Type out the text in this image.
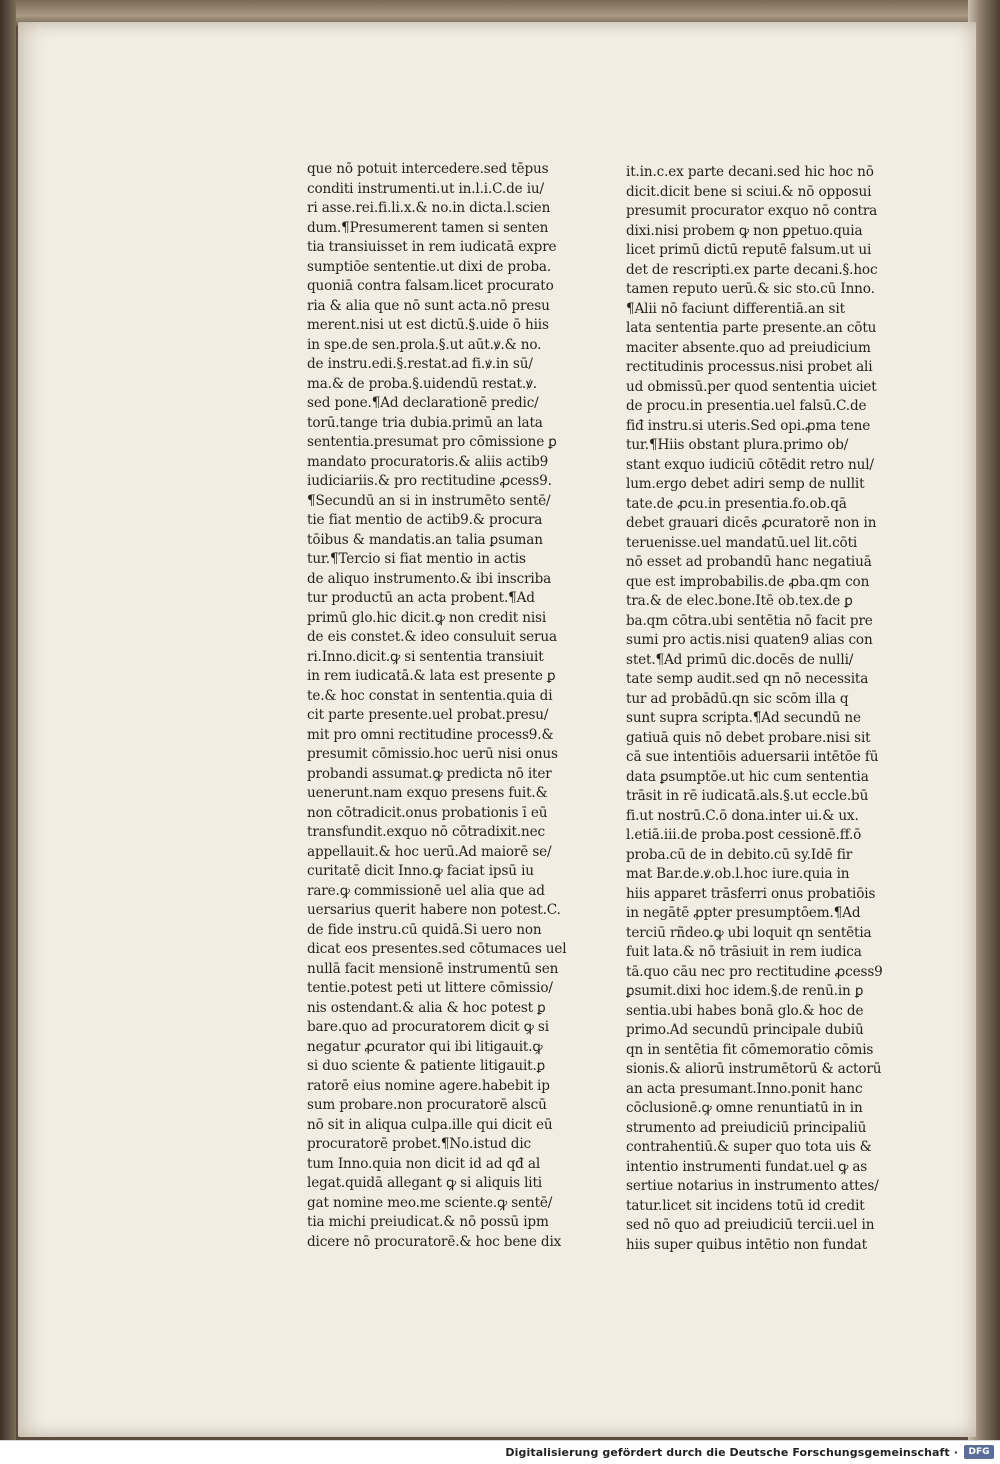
que nō potuit intercedere.sed tēpus
conditi instrumenti.ut in.l.i.C.de iu/
ri asse.rei.fi.li.x.& no.in dicta.l.scien
dum.¶Presumerent tamen si senten
tia transiuisset in rem iudicatā expre
sumptiōe sententie.ut dixi de proba.
quoniā contra falsam.licet procurato
ria & alia que nō sunt acta.nō presu
merent.nisi ut est dictū.§.uide ō hiis
in spe.de sen.prola.§.ut aūt.ꝟ.& no.
de instru.edi.§.restat.ad fi.ꝟ.in sū/
ma.& de proba.§.uidendū restat.ꝟ.
sed pone.¶Ad declarationē predic/
torū.tange tria dubia.primū an lata
sententia.presumat pro cōmissione ꝑ
mandato procuratoris.& aliis actib9
iudiciariis.& pro rectitudine ꝓcess9.
¶Secundū an si in instrumēto sentē/
tie fiat mentio de actib9.& procura
tōibus & mandatis.an talia ꝑsuman
tur.¶Tercio si fiat mentio in actis
de aliquo instrumento.& ibi inscriba
tur productū an acta probent.¶Ad
primū glo.hic dicit.ꝙ non credit nisi
de eis constet.& ideo consuluit serua
ri.Inno.dicit.ꝙ si sententia transiuit
in rem iudicatā.& lata est presente ꝑ
te.& hoc constat in sententia.quia di
cit parte presente.uel probat.presu/
mit pro omni rectitudine process9.&
presumit cōmissio.hoc uerū nisi onus
probandi assumat.ꝙ predicta nō iter
uenerunt.nam exquo presens fuit.&
non cōtradicit.onus probationis ī eū
transfundit.exquo nō cōtradixit.nec
appellauit.& hoc uerū.Ad maiorē se/
curitatē dicit Inno.ꝙ faciat ipsū iu
rare.ꝙ commissionē uel alia que ad
uersarius querit habere non potest.C.
de fide instru.cū quidā.Si uero non
dicat eos presentes.sed cōtumaces uel
nullā facit mensionē instrumentū sen
tentie.potest peti ut littere cōmissio/
nis ostendant.& alia & hoc potest ꝑ
bare.quo ad procuratorem dicit ꝙ si
negatur ꝓcurator qui ibi litigauit.ꝙ
si duo sciente & patiente litigauit.ꝑ
ratorē eius nomine agere.habebit ip
sum probare.non procuratorē alscū
nō sit in aliqua culpa.ille qui dicit eū
procuratorē probet.¶No.istud dic
tum Inno.quia non dicit id ad qđ al
legat.quidā allegant ꝙ si aliquis liti
gat nomine meo.me sciente.ꝙ sentē/
tia michi preiudicat.& nō possū ipm
dicere nō procuratorē.& hoc bene dix
it.in.c.ex parte decani.sed hic hoc nō
dicit.dicit bene si sciui.& nō opposui
presumit procurator exquo nō contra
dixi.nisi probem ꝙ non ꝑpetuo.quia
licet primū dictū reputē falsum.ut ui
det de rescripti.ex parte decani.§.hoc
tamen reputo uerū.& sic sto.cū Inno.
¶Alii nō faciunt differentiā.an sit
lata sententia parte presente.an cōtu
maciter absente.quo ad preiudicium
rectitudinis processus.nisi probet ali
ud obmissū.per quod sententia uiciet
de procu.in presentia.uel falsū.C.de
fiđ instru.si uteris.Sed opi.ꝓma tene
tur.¶Hiis obstant plura.primo ob/
stant exquo iudiciū cōtēdit retro nul/
lum.ergo debet adiri semp de nullit
tate.de ꝓcu.in presentia.fo.ob.qā
debet grauari dicēs ꝓcuratorē non in
teruenisse.uel mandatū.uel lit.cōti
nō esset ad probandū hanc negatiuā
que est improbabilis.de ꝓba.qm con
tra.& de elec.bone.Itē ob.tex.de ꝑ
ba.qm cōtra.ubi sentētia nō facit pre
sumi pro actis.nisi quaten9 alias con
stet.¶Ad primū dic.docēs de nulli/
tate semp audit.sed qn nō necessita
tur ad probādū.qn sic scōm illa q
sunt supra scripta.¶Ad secundū ne
gatiuā quis nō debet probare.nisi sit
cā sue intentiōis aduersarii intētōe fū
data ꝑsumptōe.ut hic cum sententia
trāsit in rē iudicatā.als.§.ut eccle.bū
fi.ut nostrū.C.ō dona.inter ui.& ux.
l.etiā.iii.de proba.post cessionē.ff.ō
proba.cū de in debito.cū sy.Idē fir
mat Bar.de.ꝟ.ob.l.hoc iure.quia in
hiis apparet trāsferri onus probatiōis
in negātē ꝓpter presumptōem.¶Ad
terciū rñdeo.ꝙ ubi loquit qn sentētia
fuit lata.& nō trāsiuit in rem iudica
tā.quo cāu nec pro rectitudine ꝓcess9
ꝑsumit.dixi hoc idem.§.de renū.in ꝑ
sentia.ubi habes bonā glo.& hoc de
primo.Ad secundū principale dubiū
qn in sentētia fit cōmemoratio cōmis
sionis.& aliorū instrumētorū & actorū
an acta presumant.Inno.ponit hanc
cōclusionē.ꝙ omne renuntiatū in in
strumento ad preiudiciū principaliū
contrahentiū.& super quo tota uis &
intentio instrumenti fundat.uel ꝙ as
sertiue notarius in instrumento attes/
tatur.licet sit incidens totū id credit
sed nō quo ad preiudiciū tercii.uel in
hiis super quibus intētio non fundat
Digitalisierung gefördert durch die Deutsche Forschungsgemeinschaft ·	DFG
